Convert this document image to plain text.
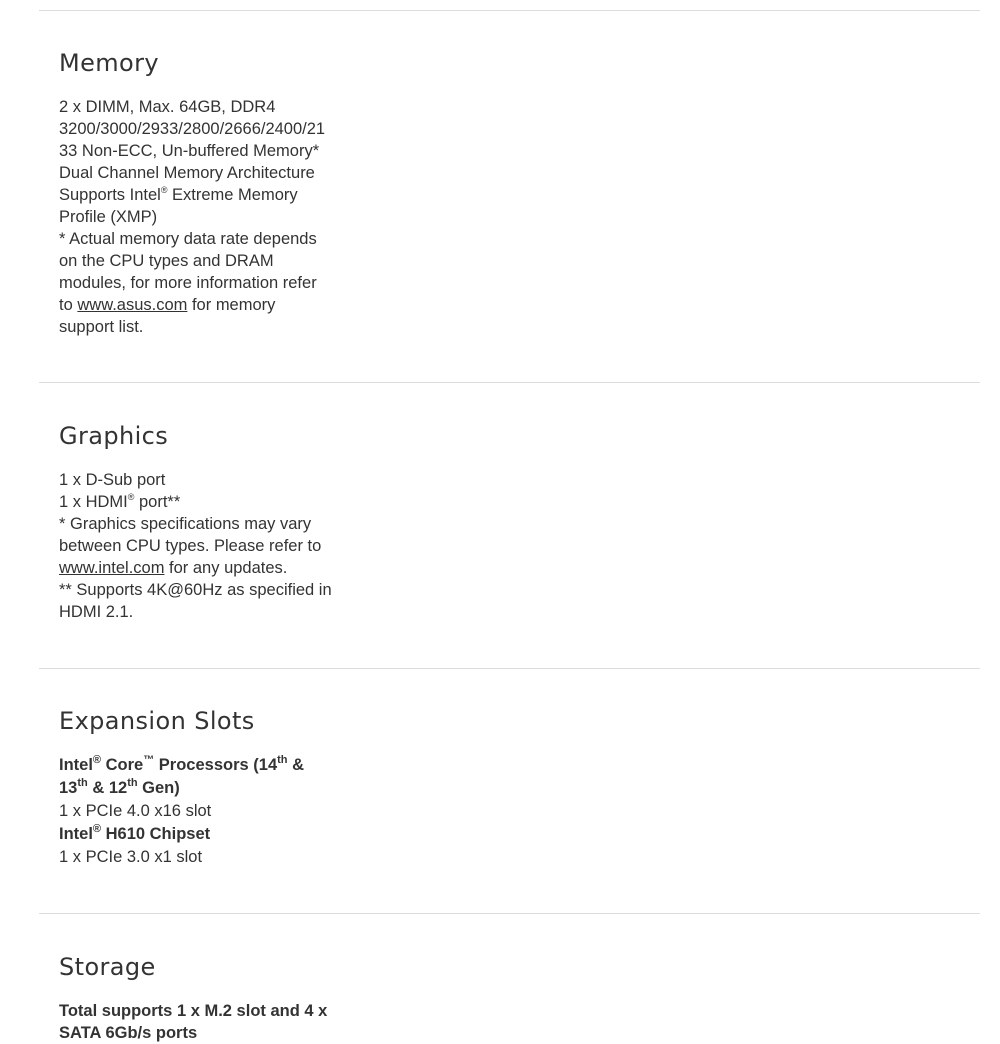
Memory
2 x DIMM, Max. 64GB, DDR4
3200/3000/2933/2800/2666/2400/21
33 Non-ECC, Un-buffered Memory*
Dual Channel Memory Architecture
Supports Intel® Extreme Memory
Profile (XMP)
* Actual memory data rate depends
on the CPU types and DRAM
modules, for more information refer
to www.asus.com for memory
support list.
Graphics
1 x D-Sub port
1 x HDMI® port**
* Graphics specifications may vary
between CPU types. Please refer to
www.intel.com for any updates.
** Supports 4K@60Hz as specified in
HDMI 2.1.
Expansion Slots
Intel® Core™ Processors (14th &
13th & 12th Gen)
1 x PCIe 4.0 x16 slot
Intel® H610 Chipset
1 x PCIe 3.0 x1 slot
Storage
Total supports 1 x M.2 slot and 4 x
SATA 6Gb/s ports
